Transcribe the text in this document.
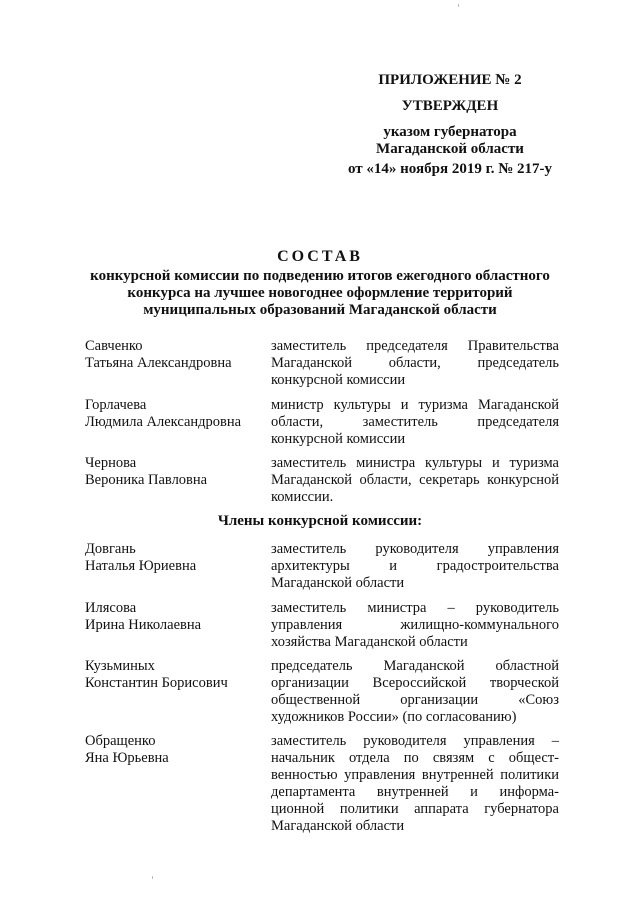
ПРИЛОЖЕНИЕ № 2
УТВЕРЖДЕН
указом губернатора
Магаданской области
от «14» ноября 2019 г. № 217-у
СОСТАВ
конкурсной комиссии по подведению итогов ежегодного областного
конкурса на лучшее новогоднее оформление территорий
муниципальных образований Магаданской области
Савченко
Татьяна Александровна
заместитель председателя Правительства
Магаданской области, председатель
конкурсной комиссии
Горлачева
Людмила Александровна
министр культуры и туризма Магаданской
области, заместитель председателя
конкурсной комиссии
Чернова
Вероника Павловна
заместитель министра культуры и туризма
Магаданской области, секретарь конкурсной
комиссии.
Члены конкурсной комиссии:
Довгань
Наталья Юриевна
заместитель руководителя управления
архитектуры и градостроительства
Магаданской области
Илясова
Ирина Николаевна
заместитель министра – руководитель
управления жилищно-коммунального
хозяйства Магаданской области
Кузьминых
Константин Борисович
председатель Магаданской областной
организации Всероссийской творческой
общественной организации «Союз
художников России» (по согласованию)
Обращенко
Яна Юрьевна
заместитель руководителя управления –
начальник отдела по связям с общест-
венностью управления внутренней политики
департамента внутренней и информа-
ционной политики аппарата губернатора
Магаданской области
